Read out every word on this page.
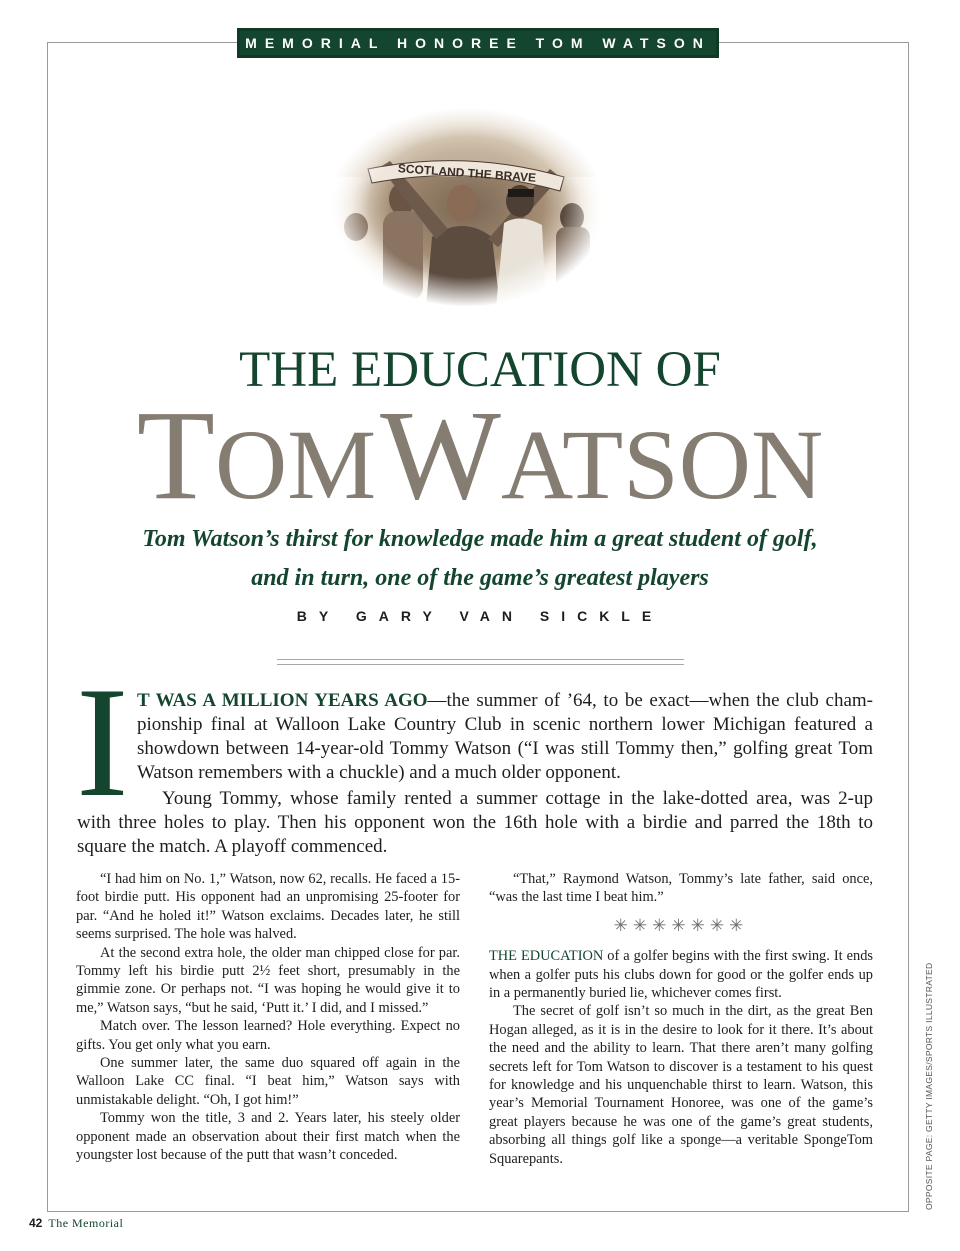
MEMORIAL HONOREE TOM WATSON
THE EDUCATION OF
TOM WATSON
Tom Watson’s thirst for knowledge made him a great student of golf,
and in turn, one of the game’s greatest players
BY GARY VAN SICKLE
I T WAS A MILLION YEARS AGO—the summer of ’64, to be exact—when the club cham-
pionship final at Walloon Lake Country Club in scenic northern lower Michigan featured a
showdown between 14-year-old Tommy Watson (“I was still Tommy then,” golfing great Tom
Watson remembers with a chuckle) and a much older opponent.
Young Tommy, whose family rented a summer cottage in the lake-dotted area, was 2-up
with three holes to play. Then his opponent won the 16th hole with a birdie and parred the 18th to
square the match. A playoff commenced.

“I had him on No. 1,” Watson, now 62, recalls. He faced a 15-foot birdie putt. His opponent had an unpromising 25-footer for par. “And he holed it!” Watson exclaims. Decades later, he still seems surprised. The hole was halved.

At the second extra hole, the older man chipped close for par. Tommy left his birdie putt 2½ feet short, presumably in the gimmie zone. Or perhaps not. “I was hoping he would give it to me,” Watson says, “but he said, ‘Putt it.’ I did, and I missed.”

Match over. The lesson learned? Hole everything. Expect no gifts. You get only what you earn.

One summer later, the same duo squared off again in the Walloon Lake CC final. “I beat him,” Watson says with unmistakable delight. “Oh, I got him!”

Tommy won the title, 3 and 2. Years later, his steely older opponent made an observation about their first match when the youngster lost because of the putt that wasn’t conceded.

“That,” Raymond Watson, Tommy’s late father, said once, “was the last time I beat him.”

✳✳✳✳✳✳✳

THE EDUCATION of a golfer begins with the first swing. It ends when a golfer puts his clubs down for good or the golfer ends up in a permanently buried lie, whichever comes first.

The secret of golf isn’t so much in the dirt, as the great Ben Hogan alleged, as it is in the desire to look for it there. It’s about the need and the ability to learn. That there aren’t many golfing secrets left for Tom Watson to discover is a testament to his quest for knowledge and his unquenchable thirst to learn. Watson, this year’s Memorial Tournament Honoree, was one of the game’s great players because he was one of the game’s great students, absorbing all things golf like a sponge—a veritable SpongeTom Squarepants.

42 The Memorial
OPPOSITE PAGE: GETTY IMAGES/SPORTS ILLUSTRATED
